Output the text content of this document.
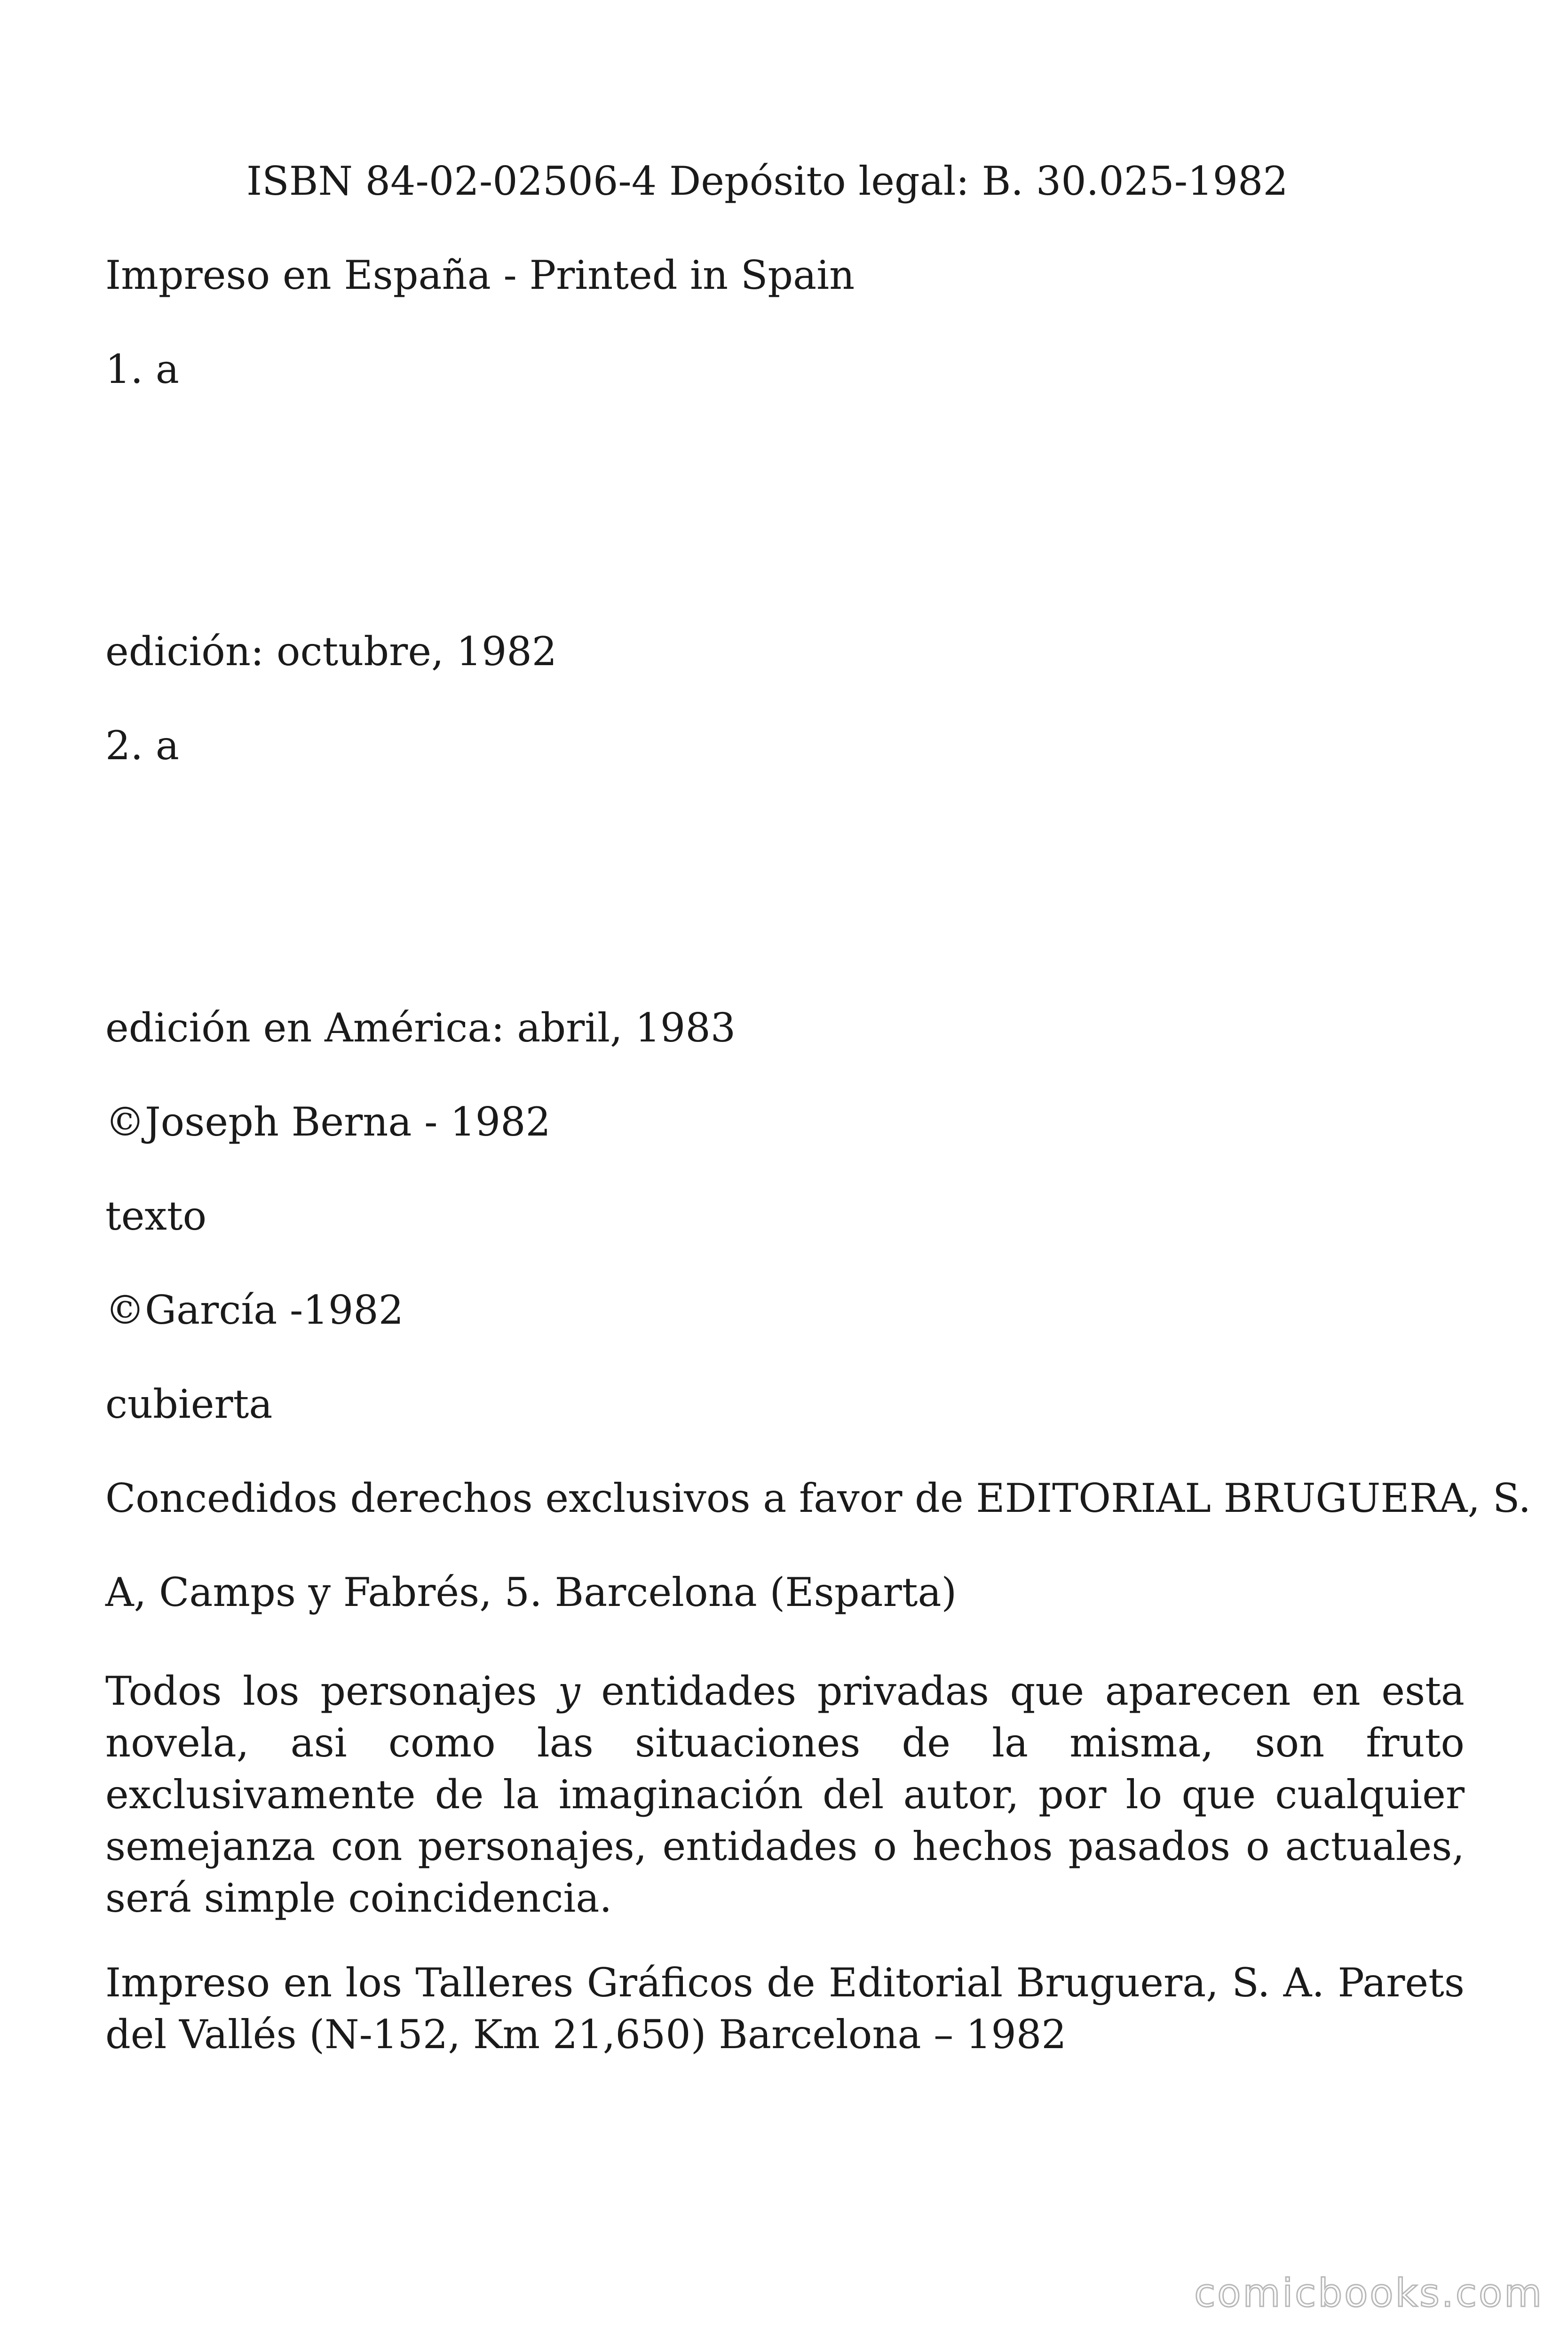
ISBN 84-02-02506-4 Depósito legal: B. 30.025-1982

Impreso en España - Printed in Spain

1. a

edición: octubre, 1982

2. a

edición en América: abril, 1983

©Joseph Berna - 1982

texto

©García -1982

cubierta

Concedidos derechos exclusivos a favor de EDITORIAL BRUGUERA, S.

A, Camps y Fabrés, 5. Barcelona (Esparta)

Todos los personajes y entidades privadas que aparecen en esta novela, asi como las situaciones de la misma, son fruto exclusivamente de la imaginación del autor, por lo que cualquier semejanza con personajes, entidades o hechos pasados o actuales, será simple coincidencia.

Impreso en los Talleres Gráficos de Editorial Bruguera, S. A. Parets del Vallés (N-152, Km 21,650) Barcelona – 1982

comicbooks.com
